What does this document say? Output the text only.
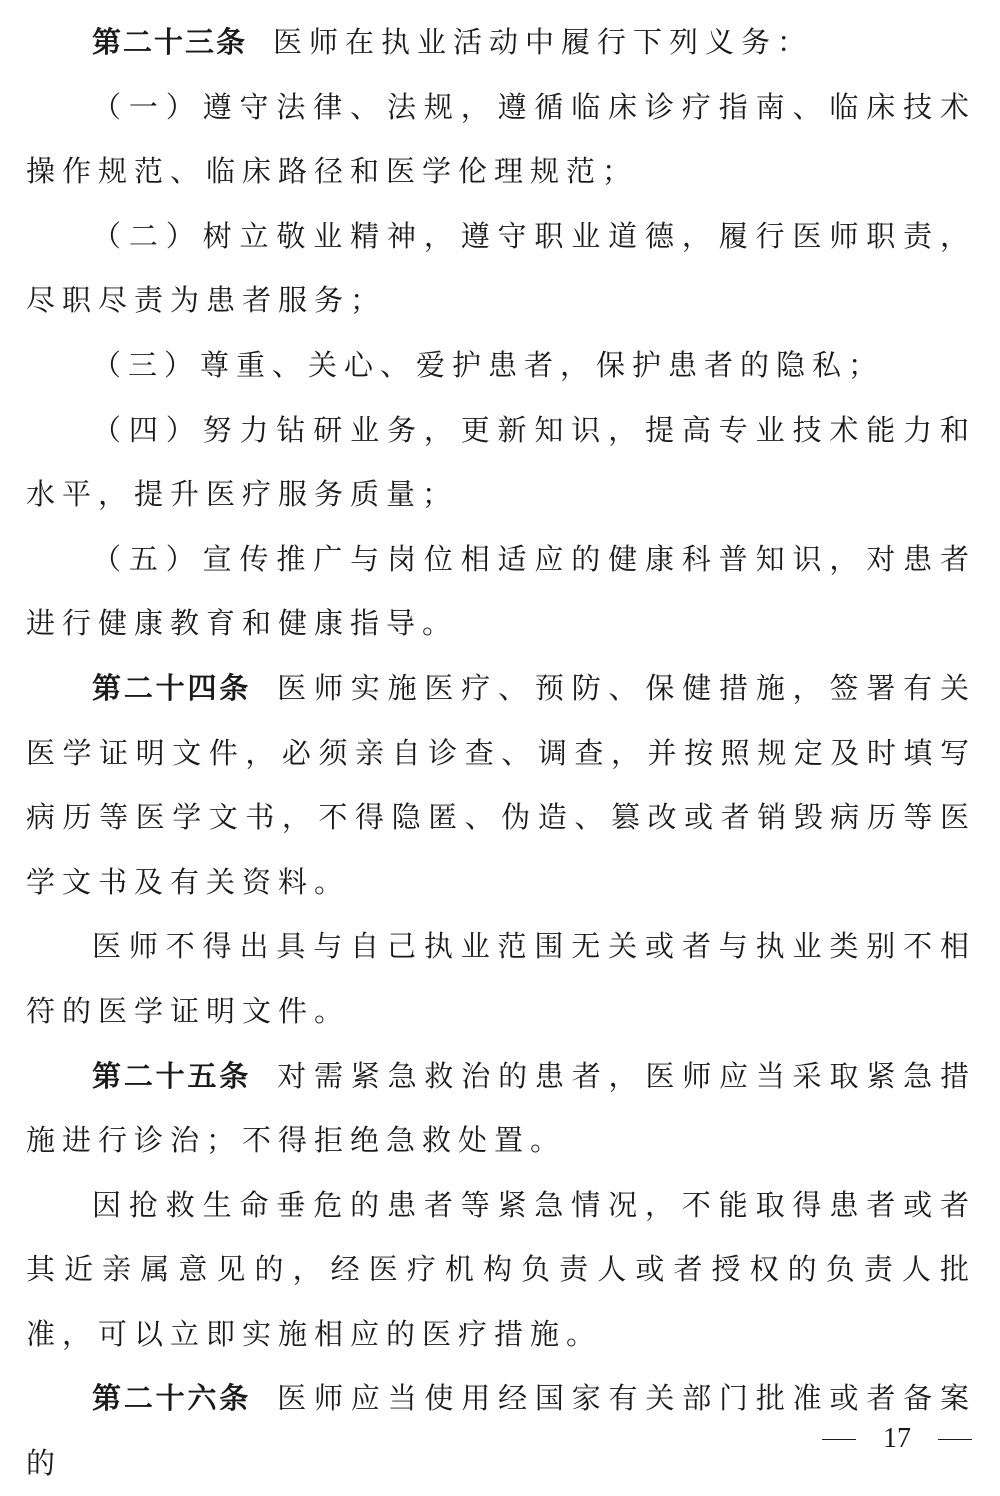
第二十三条 医师在执业活动中履行下列义务：

（一）遵守法律、法规，遵循临床诊疗指南、临床技术操作规范、临床路径和医学伦理规范；

（二）树立敬业精神，遵守职业道德，履行医师职责，尽职尽责为患者服务；

（三）尊重、关心、爱护患者，保护患者的隐私；

（四）努力钻研业务，更新知识，提高专业技术能力和水平，提升医疗服务质量；

（五）宣传推广与岗位相适应的健康科普知识，对患者进行健康教育和健康指导。

第二十四条 医师实施医疗、预防、保健措施，签署有关医学证明文件，必须亲自诊查、调查，并按照规定及时填写病历等医学文书，不得隐匿、伪造、篡改或者销毁病历等医学文书及有关资料。

医师不得出具与自己执业范围无关或者与执业类别不相符的医学证明文件。

第二十五条 对需紧急救治的患者，医师应当采取紧急措施进行诊治；不得拒绝急救处置。

因抢救生命垂危的患者等紧急情况，不能取得患者或者其近亲属意见的，经医疗机构负责人或者授权的负责人批准，可以立即实施相应的医疗措施。

第二十六条 医师应当使用经国家有关部门批准或者备案的

17
